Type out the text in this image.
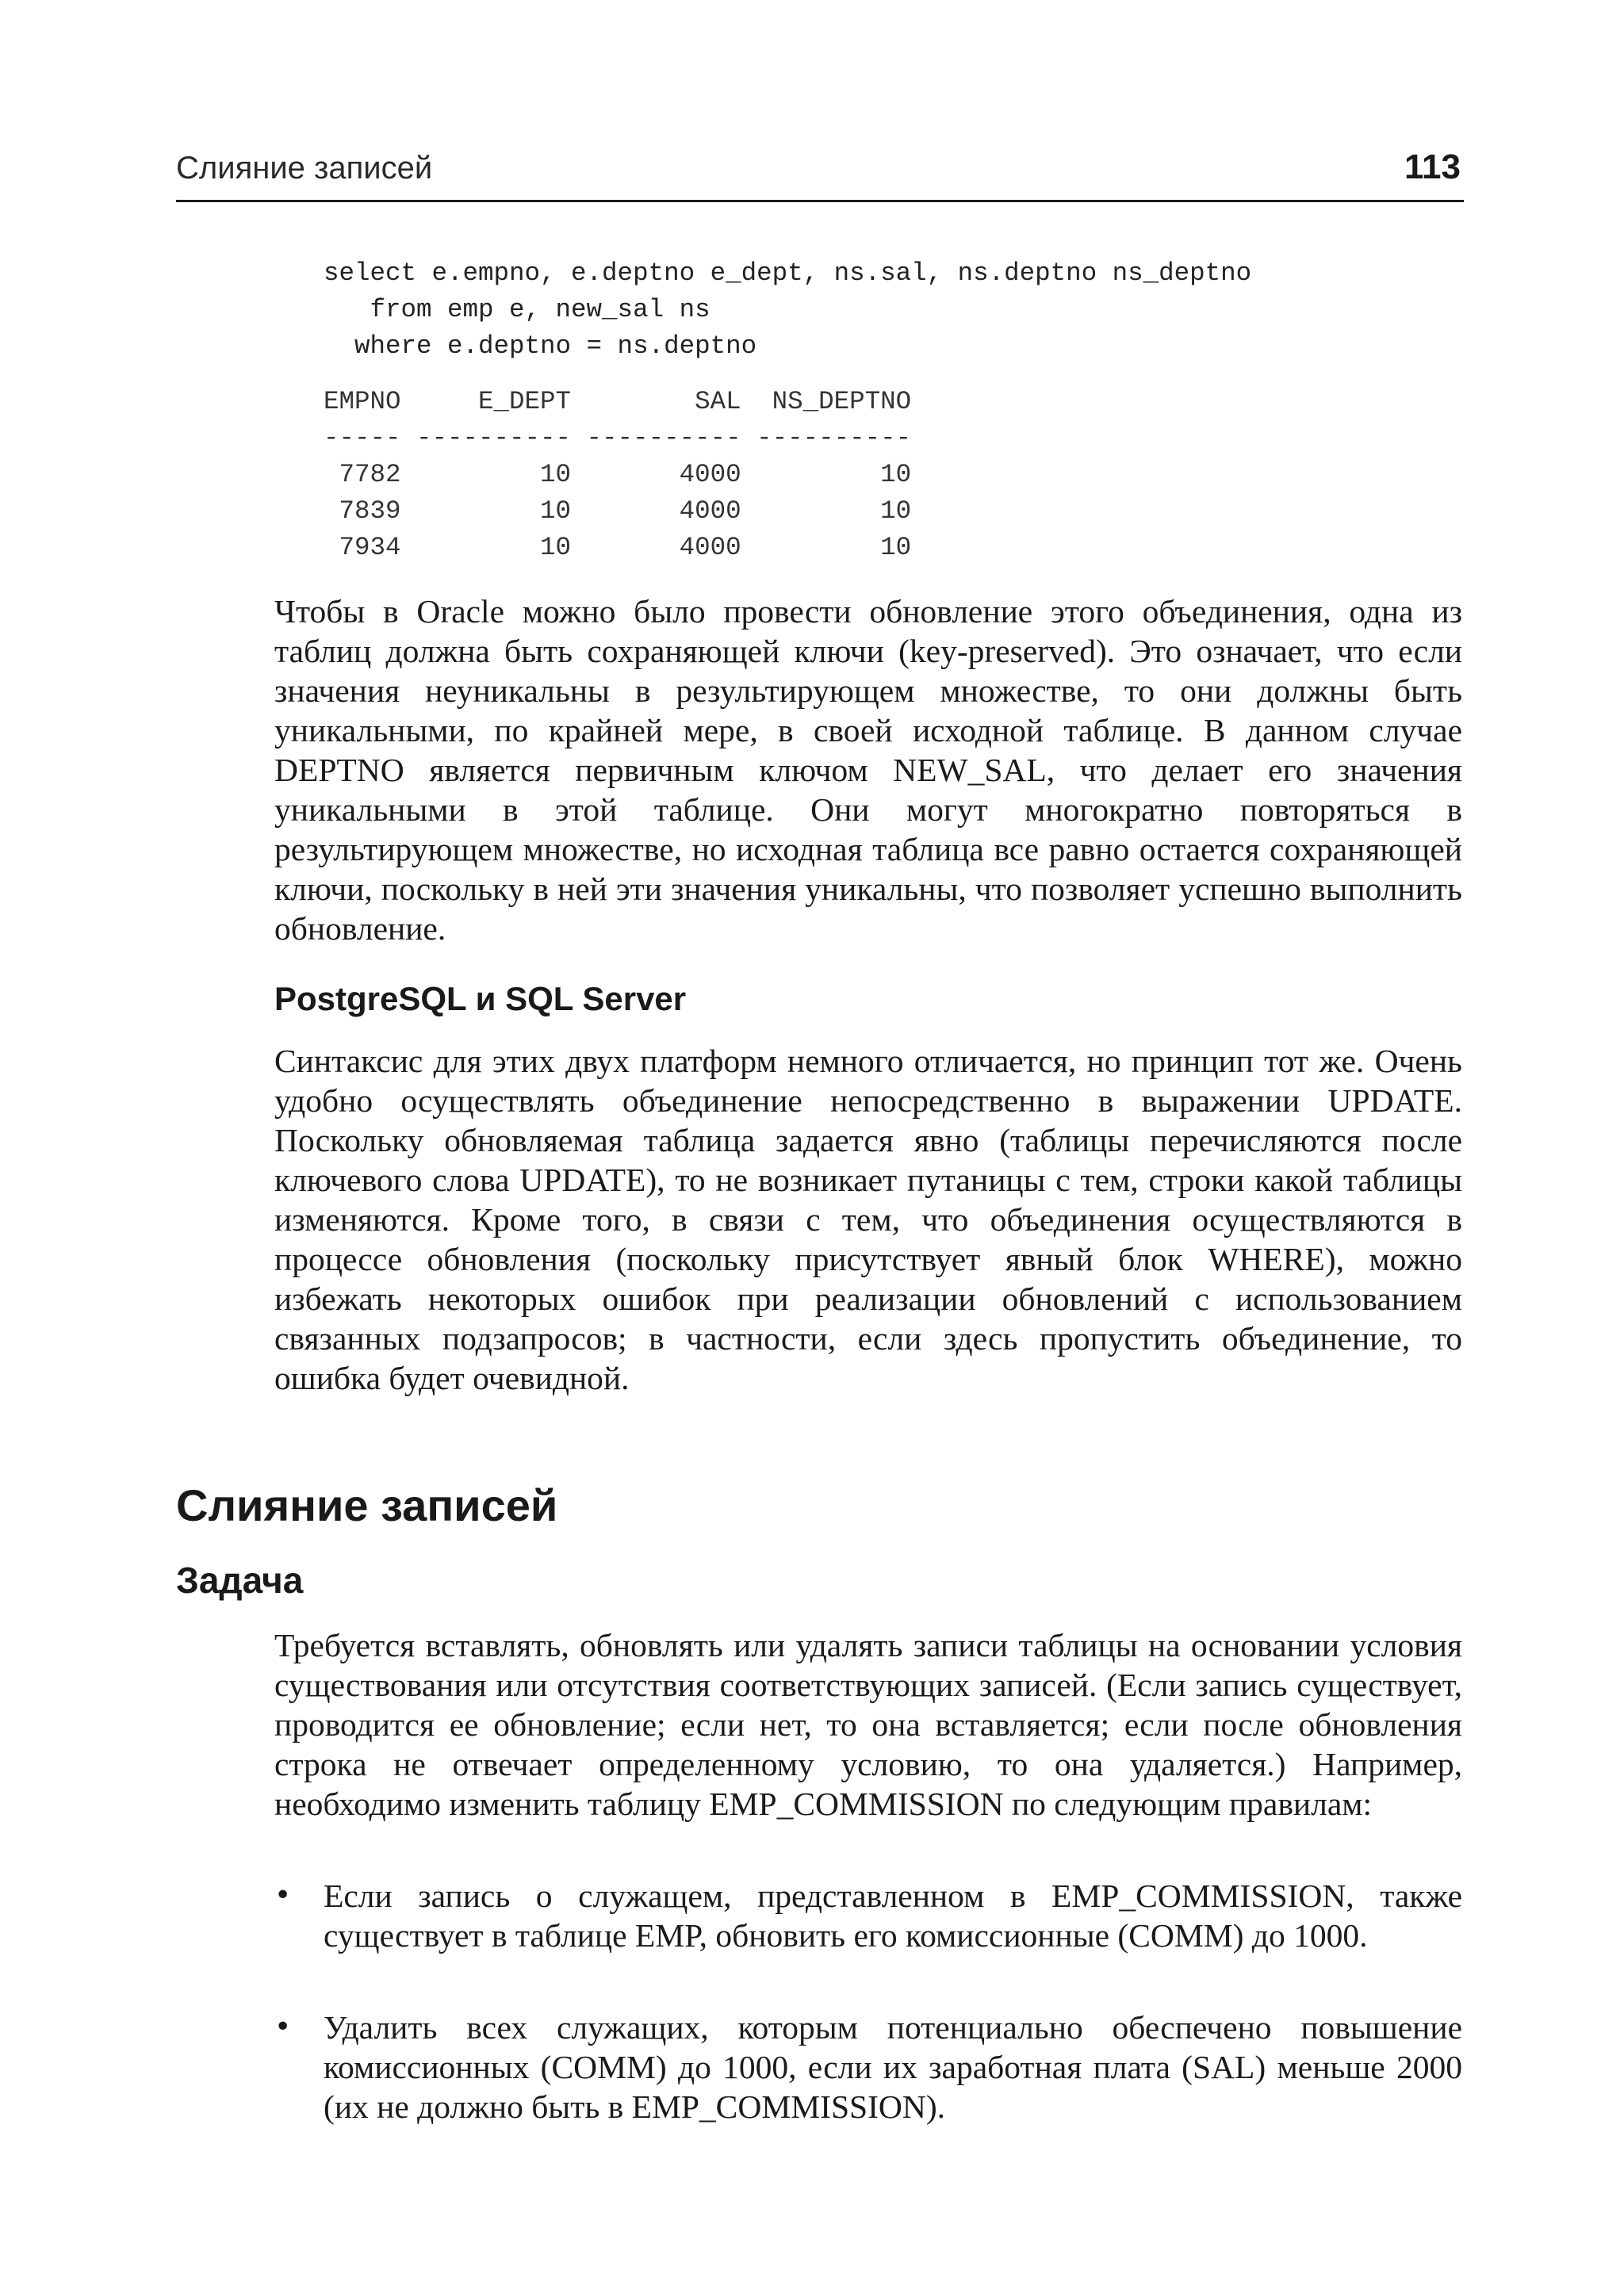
Слияние записей	113
select e.empno, e.deptno e_dept, ns.sal, ns.deptno ns_deptno
from emp e, new_sal ns
where e.deptno = ns.deptno
EMPNO     E_DEPT        SAL  NS_DEPTNO
----- ---------- ---------- ----------
7782         10       4000         10
7839         10       4000         10
7934         10       4000         10
Чтобы в Oracle можно было провести обновление этого объединения, одна из таблиц должна быть сохраняющей ключи (key-preserved). Это означает, что если значения неуникальны в результирующем множестве, то они должны быть уникальными, по крайней мере, в своей исходной таблице. В данном случае DEPTNO является первичным ключом NEW_SAL, что делает его значения уникальными в этой таблице. Они могут многократно повторяться в результирующем множестве, но исходная таблица все равно остается сохраняющей ключи, поскольку в ней эти значения уникальны, что позволяет успешно выполнить обновление.
PostgreSQL и SQL Server
Синтаксис для этих двух платформ немного отличается, но принцип тот же. Очень удобно осуществлять объединение непосредственно в выражении UPDATE. Поскольку обновляемая таблица задается явно (таблицы перечисляются после ключевого слова UPDATE), то не возникает путаницы с тем, строки какой таблицы изменяются. Кроме того, в связи с тем, что объединения осуществляются в процессе обновления (поскольку присутствует явный блок WHERE), можно избежать некоторых ошибок при реализации обновлений с использованием связанных подзапросов; в частности, если здесь пропустить объединение, то ошибка будет очевидной.
Слияние записей
Задача
Требуется вставлять, обновлять или удалять записи таблицы на основании условия существования или отсутствия соответствующих записей. (Если запись существует, проводится ее обновление; если нет, то она вставляется; если после обновления строка не отвечает определенному условию, то она удаляется.) Например, необходимо изменить таблицу EMP_COMMISSION по следующим правилам:
• Если запись о служащем, представленном в EMP_COMMISSION, также существует в таблице EMP, обновить его комиссионные (COMM) до 1000.
• Удалить всех служащих, которым потенциально обеспечено повышение комиссионных (COMM) до 1000, если их заработная плата (SAL) меньше 2000 (их не должно быть в EMP_COMMISSION).
